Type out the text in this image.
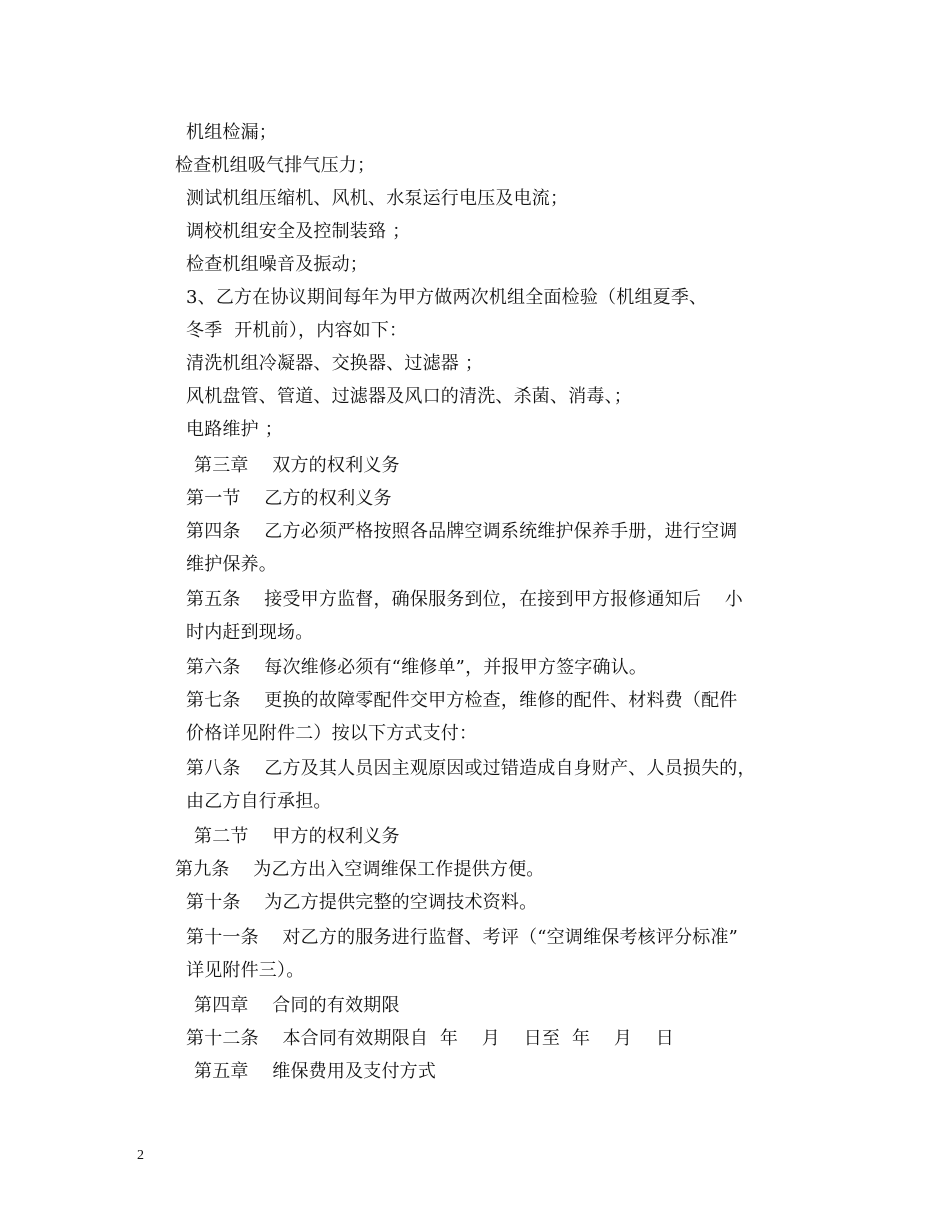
机组检漏；
检查机组吸气排气压力；
测试机组压缩机、风机、水泵运行电压及电流；
调校机组安全及控制装臵 ；
检查机组噪音及振动；
3、乙方在协议期间每年为甲方做两次机组全面检验（机组夏季、
冬季  开机前），内容如下：
清洗机组冷凝器、交换器、过滤器 ；
风机盘管、管道、过滤器及风口的清洗、杀菌、消毒、；
电路维护 ；
第三章    双方的权利义务
第一节    乙方的权利义务
第四条    乙方必须严格按照各品牌空调系统维护保养手册，进行空调
维护保养。
第五条    接受甲方监督，确保服务到位，在接到甲方报修通知后    小
时内赶到现场。
第六条    每次维修必须有“维修单”，并报甲方签字确认。
第七条    更换的故障零配件交甲方检查，维修的配件、材料费（配件
价格详见附件二）按以下方式支付：
第八条    乙方及其人员因主观原因或过错造成自身财产、人员损失的，
由乙方自行承担。
第二节    甲方的权利义务
第九条    为乙方出入空调维保工作提供方便。
第十条    为乙方提供完整的空调技术资料。
第十一条    对乙方的服务进行监督、考评（“空调维保考核评分标准”
详见附件三）。
第四章    合同的有效期限
第十二条    本合同有效期限自  年    月    日至  年    月    日
第五章    维保费用及支付方式
2
